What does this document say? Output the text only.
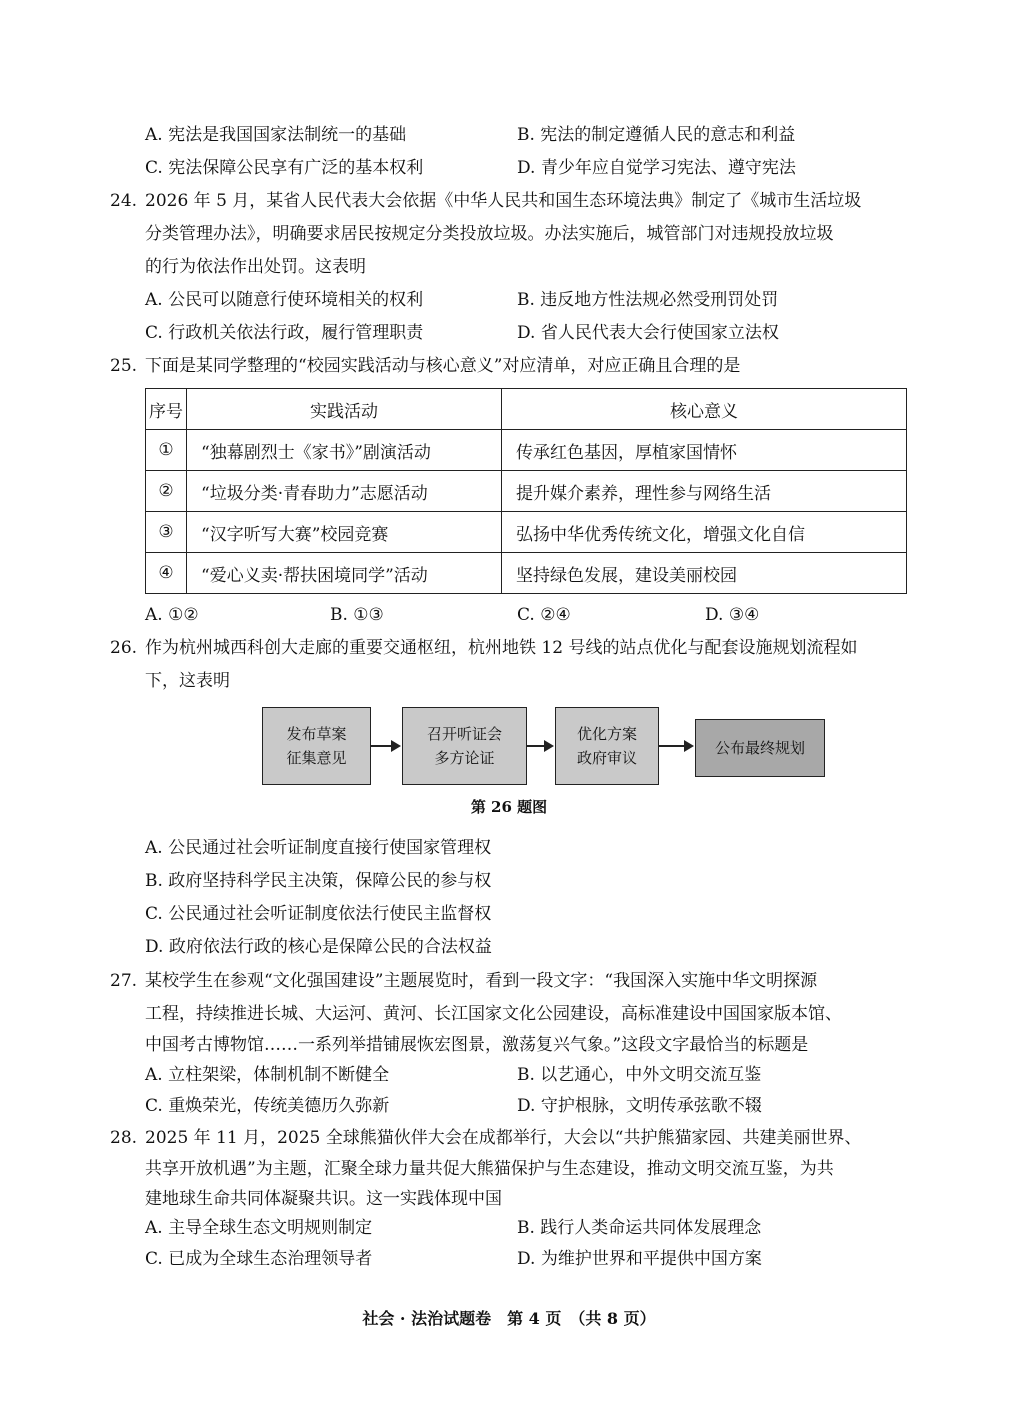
A. 宪法是我国国家法制统一的基础	B. 宪法的制定遵循人民的意志和利益
C. 宪法保障公民享有广泛的基本权利	D. 青少年应自觉学习宪法、遵守宪法
24. 2026 年 5 月，某省人民代表大会依据《中华人民共和国生态环境法典》制定了《城市生活垃圾
分类管理办法》，明确要求居民按规定分类投放垃圾。办法实施后，城管部门对违规投放垃圾
的行为依法作出处罚。这表明
A. 公民可以随意行使环境相关的权利	B. 违反地方性法规必然受刑罚处罚
C. 行政机关依法行政，履行管理职责	D. 省人民代表大会行使国家立法权
25. 下面是某同学整理的“校园实践活动与核心意义”对应清单，对应正确且合理的是
序号	实践活动	核心意义
①	“独幕剧烈士《家书》”剧演活动	传承红色基因，厚植家国情怀
②	“垃圾分类·青春助力”志愿活动	提升媒介素养，理性参与网络生活
③	“汉字听写大赛”校园竞赛	弘扬中华优秀传统文化，增强文化自信
④	“爱心义卖·帮扶困境同学”活动	坚持绿色发展，建设美丽校园
A. ①②	B. ①③	C. ②④	D. ③④
26. 作为杭州城西科创大走廊的重要交通枢纽，杭州地铁 12 号线的站点优化与配套设施规划流程如
下，这表明
发布草案
征集意见
召开听证会
多方论证
优化方案
政府审议
公布最终规划
第 26 题图
A. 公民通过社会听证制度直接行使国家管理权
B. 政府坚持科学民主决策，保障公民的参与权
C. 公民通过社会听证制度依法行使民主监督权
D. 政府依法行政的核心是保障公民的合法权益
27. 某校学生在参观“文化强国建设”主题展览时，看到一段文字：“我国深入实施中华文明探源
工程，持续推进长城、大运河、黄河、长江国家文化公园建设，高标准建设中国国家版本馆、
中国考古博物馆……一系列举措铺展恢宏图景，激荡复兴气象。”这段文字最恰当的标题是
A. 立柱架梁，体制机制不断健全	B. 以艺通心，中外文明交流互鉴
C. 重焕荣光，传统美德历久弥新	D. 守护根脉，文明传承弦歌不辍
28. 2025 年 11 月，2025 全球熊猫伙伴大会在成都举行，大会以“共护熊猫家园、共建美丽世界、
共享开放机遇”为主题，汇聚全球力量共促大熊猫保护与生态建设，推动文明交流互鉴，为共
建地球生命共同体凝聚共识。这一实践体现中国
A. 主导全球生态文明规则制定	B. 践行人类命运共同体发展理念
C. 已成为全球生态治理领导者	D. 为维护世界和平提供中国方案
社会 · 法治试题卷　第 4 页　（共 8 页）
